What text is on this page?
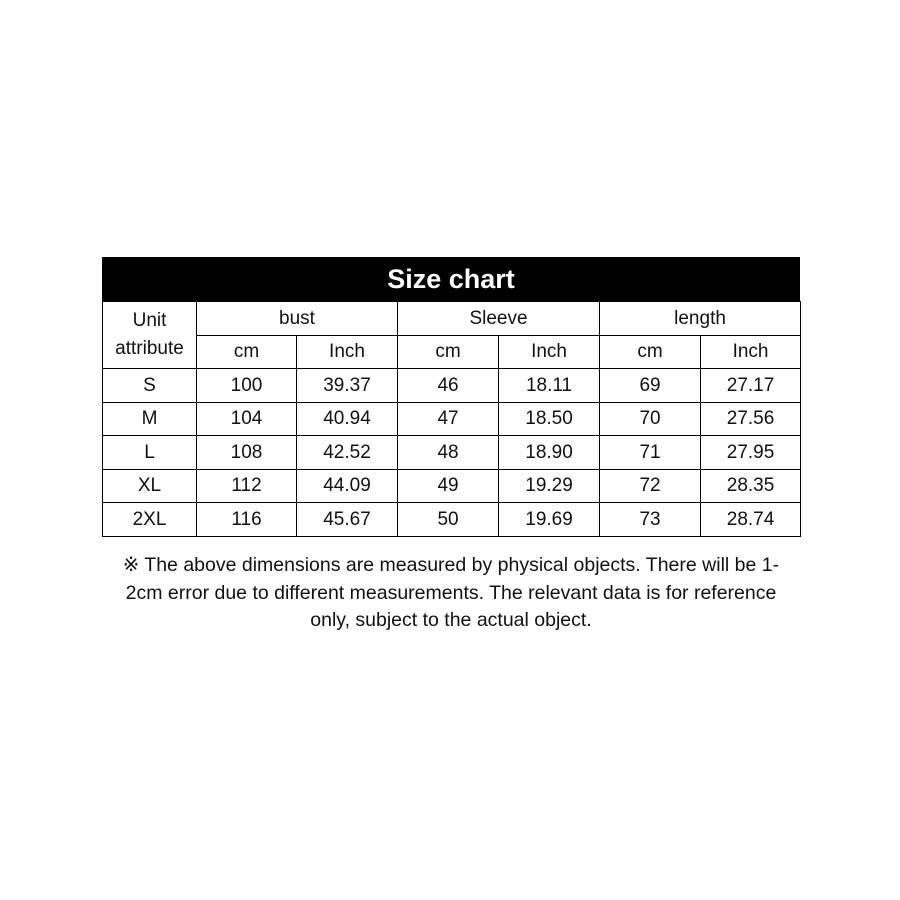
Size chart
Unit
attribute	bust		Sleeve		length	
	cm	Inch	cm	Inch	cm	Inch
S	100	39.37	46	18.11	69	27.17
M	104	40.94	47	18.50	70	27.56
L	108	42.52	48	18.90	71	27.95
XL	112	44.09	49	19.29	72	28.35
2XL	116	45.67	50	19.69	73	28.74
※ The above dimensions are measured by physical objects. There will be 1-
2cm error due to different measurements. The relevant data is for reference
only, subject to the actual object.
